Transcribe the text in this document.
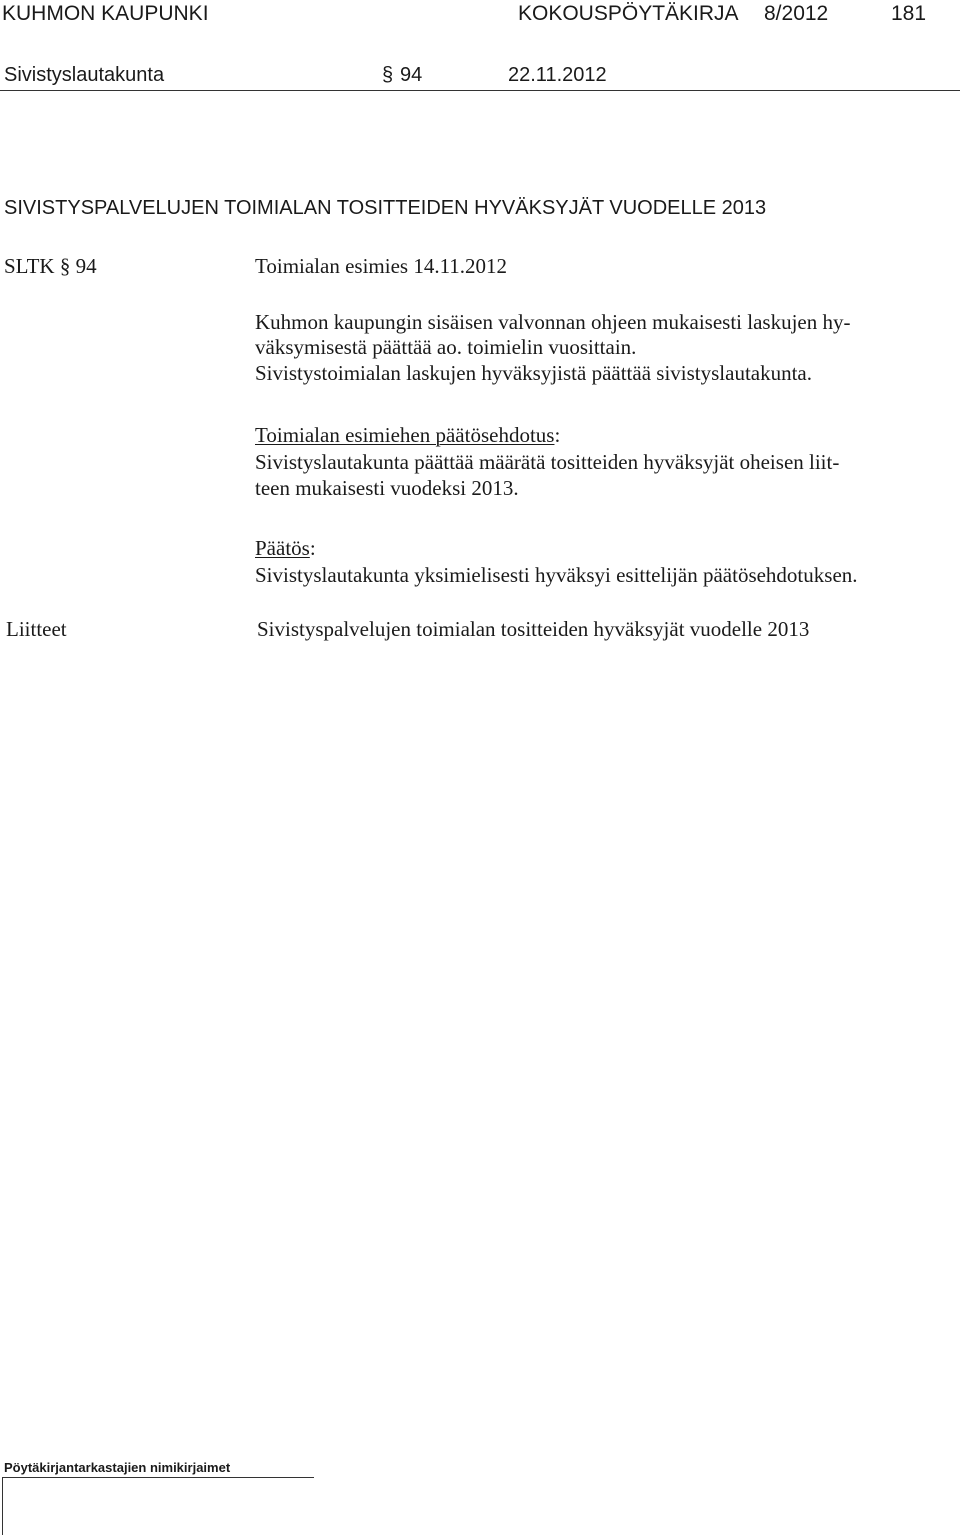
KUHMON KAUPUNKI	KOKOUSPÖYTÄKIRJA 8/2012	181
Sivistyslautakunta	§ 94	22.11.2012
SIVISTYSPALVELUJEN TOIMIALAN TOSITTEIDEN HYVÄKSYJÄT VUODELLE 2013
SLTK § 94	Toimialan esimies 14.11.2012
Kuhmon kaupungin sisäisen valvonnan ohjeen mukaisesti laskujen hy-
väksymisestä päättää ao. toimielin vuosittain.
Sivistystoimialan laskujen hyväksyjistä päättää sivistyslautakunta.
Toimialan esimiehen päätösehdotus:
Sivistyslautakunta päättää määrätä tositteiden hyväksyjät oheisen liit-
teen mukaisesti vuodeksi 2013.
Päätös:
Sivistyslautakunta yksimielisesti hyväksyi esittelijän päätösehdotuksen.
Liitteet	Sivistyspalvelujen toimialan tositteiden hyväksyjät vuodelle 2013
Pöytäkirjantarkastajien nimikirjaimet
